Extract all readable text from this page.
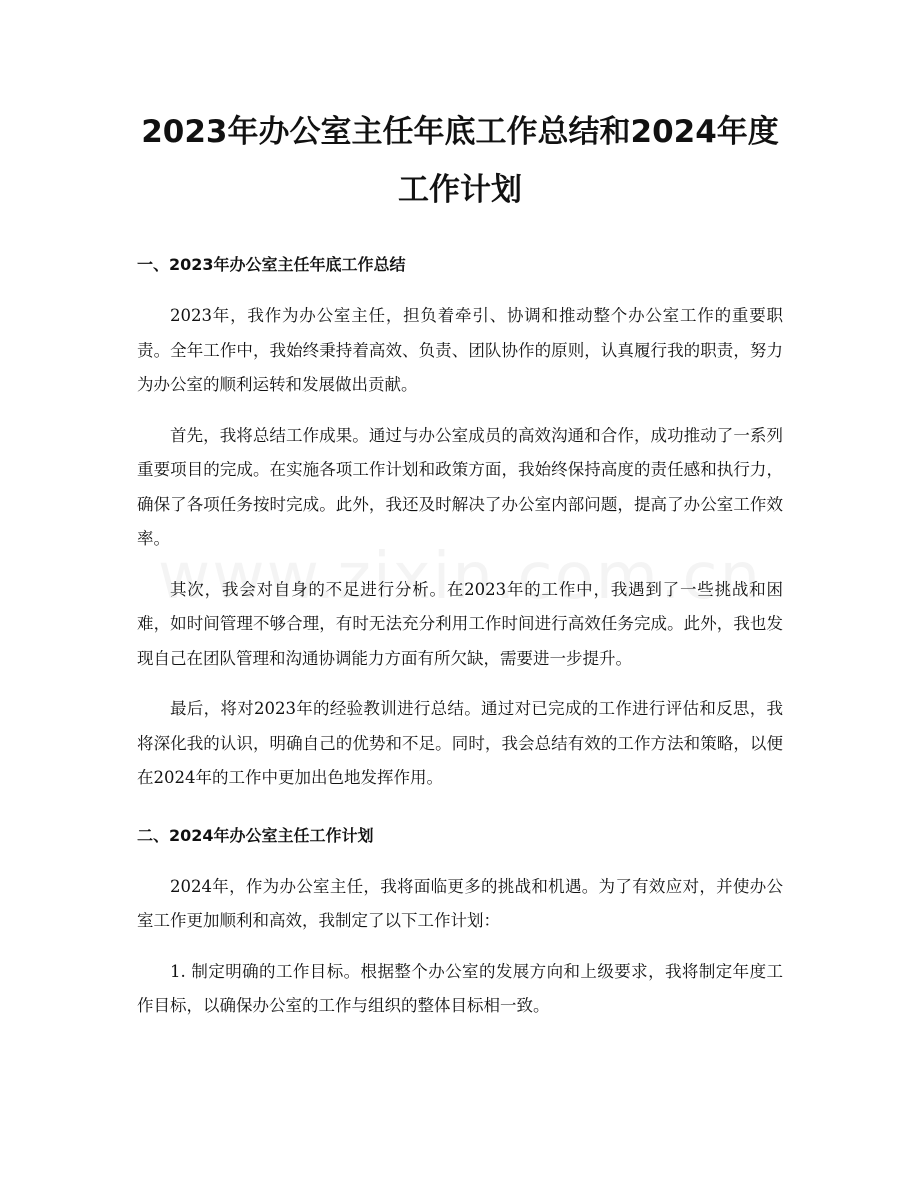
2023年办公室主任年底工作总结和2024年度工作计划
一、2023年办公室主任年底工作总结

2023年，我作为办公室主任，担负着牵引、协调和推动整个办公室工作的重要职责。全年工作中，我始终秉持着高效、负责、团队协作的原则，认真履行我的职责，努力为办公室的顺利运转和发展做出贡献。

首先，我将总结工作成果。通过与办公室成员的高效沟通和合作，成功推动了一系列重要项目的完成。在实施各项工作计划和政策方面，我始终保持高度的责任感和执行力，确保了各项任务按时完成。此外，我还及时解决了办公室内部问题，提高了办公室工作效率。

其次，我会对自身的不足进行分析。在2023年的工作中，我遇到了一些挑战和困难，如时间管理不够合理，有时无法充分利用工作时间进行高效任务完成。此外，我也发现自己在团队管理和沟通协调能力方面有所欠缺，需要进一步提升。

最后，将对2023年的经验教训进行总结。通过对已完成的工作进行评估和反思，我将深化我的认识，明确自己的优势和不足。同时，我会总结有效的工作方法和策略，以便在2024年的工作中更加出色地发挥作用。

二、2024年办公室主任工作计划

2024年，作为办公室主任，我将面临更多的挑战和机遇。为了有效应对，并使办公室工作更加顺利和高效，我制定了以下工作计划：

1. 制定明确的工作目标。根据整个办公室的发展方向和上级要求，我将制定年度工作目标，以确保办公室的工作与组织的整体目标相一致。
